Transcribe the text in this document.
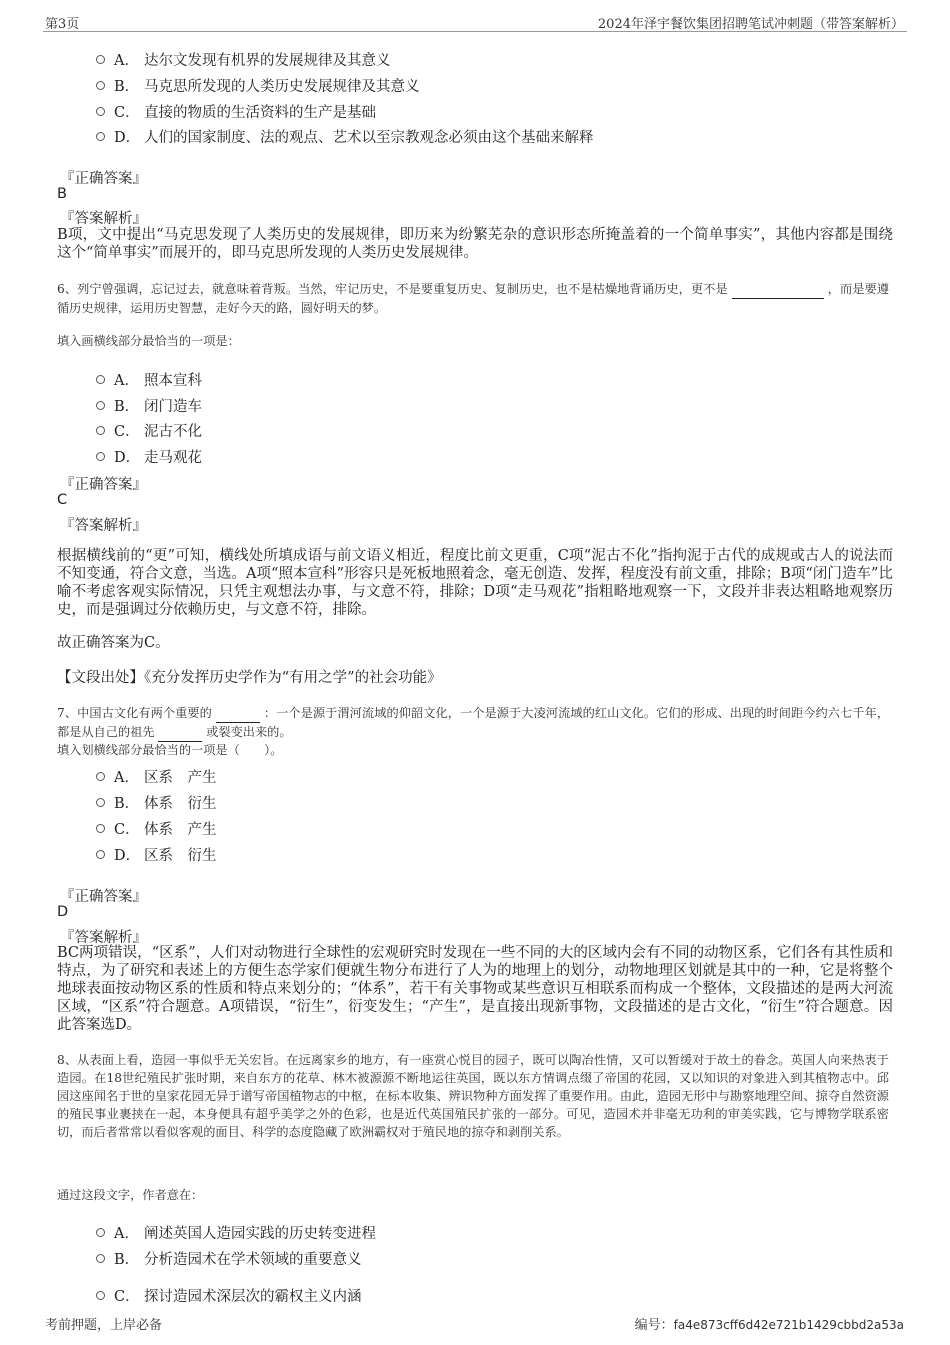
第3页	2024年泽宇餐饮集团招聘笔试冲刺题（带答案解析）
A． 达尔文发现有机界的发展规律及其意义
B． 马克思所发现的人类历史发展规律及其意义
C． 直接的物质的生活资料的生产是基础
D． 人们的国家制度、法的观点、艺术以至宗教观念必须由这个基础来解释
『正确答案』
B
『答案解析』
B项，文中提出“马克思发现了人类历史的发展规律，即历来为纷繁芜杂的意识形态所掩盖着的一个简单事实”，其他内容都是围绕这个“简单事实”而展开的，即马克思所发现的人类历史发展规律。
6、列宁曾强调，忘记过去，就意味着背叛。当然，牢记历史，不是要重复历史、复制历史，也不是枯燥地背诵历史，更不是	，而是要遵循历史规律，运用历史智慧，走好今天的路，圆好明天的梦。
填入画横线部分最恰当的一项是：
A． 照本宣科
B． 闭门造车
C． 泥古不化
D． 走马观花
『正确答案』
C
『答案解析』
根据横线前的“更”可知，横线处所填成语与前文语义相近，程度比前文更重，C项“泥古不化”指拘泥于古代的成规或古人的说法而不知变通，符合文意，当选。A项“照本宣科”形容只是死板地照着念，毫无创造、发挥，程度没有前文重，排除；B项“闭门造车”比喻不考虑客观实际情况，只凭主观想法办事，与文意不符，排除；D项“走马观花”指粗略地观察一下，文段并非表达粗略地观察历史，而是强调过分依赖历史，与文意不符，排除。
故正确答案为C。
【文段出处】《充分发挥历史学作为“有用之学”的社会功能》
7、中国古文化有两个重要的	：一个是源于渭河流域的仰韶文化，一个是源于大凌河流域的红山文化。它们的形成、出现的时间距今约六七千年，都是从自己的祖先	或裂变出来的。
填入划横线部分最恰当的一项是（　　）。
A． 区系　产生
B． 体系　衍生
C． 体系　产生
D． 区系　衍生
『正确答案』
D
『答案解析』
BC两项错误，“区系”，人们对动物进行全球性的宏观研究时发现在一些不同的大的区域内会有不同的动物区系，它们各有其性质和特点，为了研究和表述上的方便生态学家们便就生物分布进行了人为的地理上的划分，动物地理区划就是其中的一种，它是将整个地球表面按动物区系的性质和特点来划分的；“体系”，若干有关事物或某些意识互相联系而构成一个整体，文段描述的是两大河流区域，“区系”符合题意。A项错误，“衍生”，衍变发生；“产生”，是直接出现新事物，文段描述的是古文化，“衍生”符合题意。因此答案选D。
8、从表面上看，造园一事似乎无关宏旨。在远离家乡的地方，有一座赏心悦目的园子，既可以陶冶性情，又可以暂缓对于故土的眷念。英国人向来热衷于造园。在18世纪殖民扩张时期，来自东方的花草、林木被源源不断地运往英国，既以东方情调点缀了帝国的花园，又以知识的对象进入到其植物志中。邱园这座闻名于世的皇家花园无异于谱写帝国植物志的中枢，在标本收集、辨识物种方面发挥了重要作用。由此，造园无形中与勘察地理空间、掠夺自然资源的殖民事业裹挟在一起，本身便具有超乎美学之外的色彩，也是近代英国殖民扩张的一部分。可见，造园术并非毫无功利的审美实践，它与博物学联系密切，而后者常常以看似客观的面目、科学的态度隐藏了欧洲霸权对于殖民地的掠夺和剥削关系。
通过这段文字，作者意在：
A． 阐述英国人造园实践的历史转变进程
B． 分析造园术在学术领域的重要意义
C． 探讨造园术深层次的霸权主义内涵
考前押题，上岸必备	编号：fa4e873cff6d42e721b1429cbbd2a53a
